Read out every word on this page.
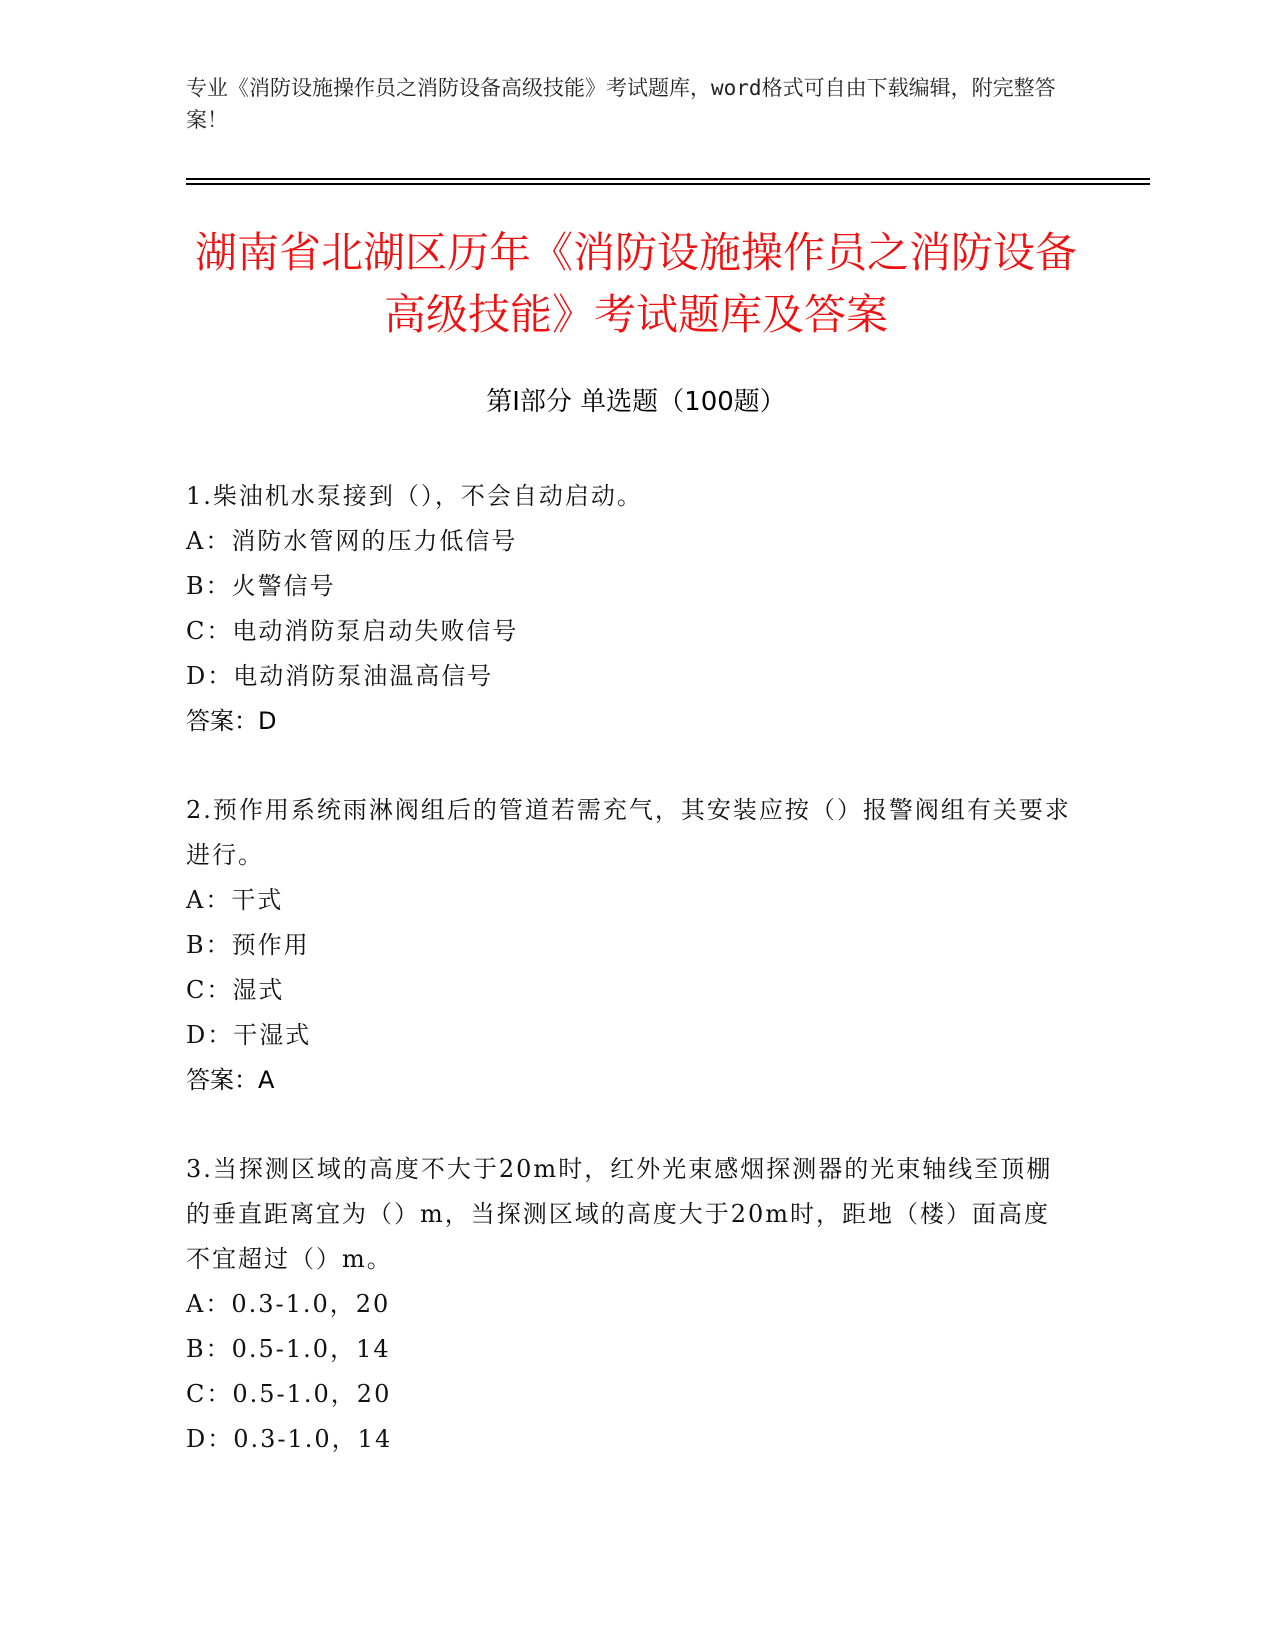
专业《消防设施操作员之消防设备高级技能》考试题库，word格式可自由下载编辑，附完整答案！
湖南省北湖区历年《消防设施操作员之消防设备高级技能》考试题库及答案
第Ⅰ部分 单选题（100题）

1.柴油机水泵接到（），不会自动启动。

A：消防水管网的压力低信号

B：火警信号

C：电动消防泵启动失败信号

D：电动消防泵油温高信号

答案：D

2.预作用系统雨淋阀组后的管道若需充气，其安装应按（）报警阀组有关要求进行。

A：干式

B：预作用

C：湿式

D：干湿式

答案：A

3.当探测区域的高度不大于20m时，红外光束感烟探测器的光束轴线至顶棚的垂直距离宜为（）m，当探测区域的高度大于20m时，距地（楼）面高度不宜超过（）m。

A：0.3-1.0，20

B：0.5-1.0，14

C：0.5-1.0，20

D：0.3-1.0，14
